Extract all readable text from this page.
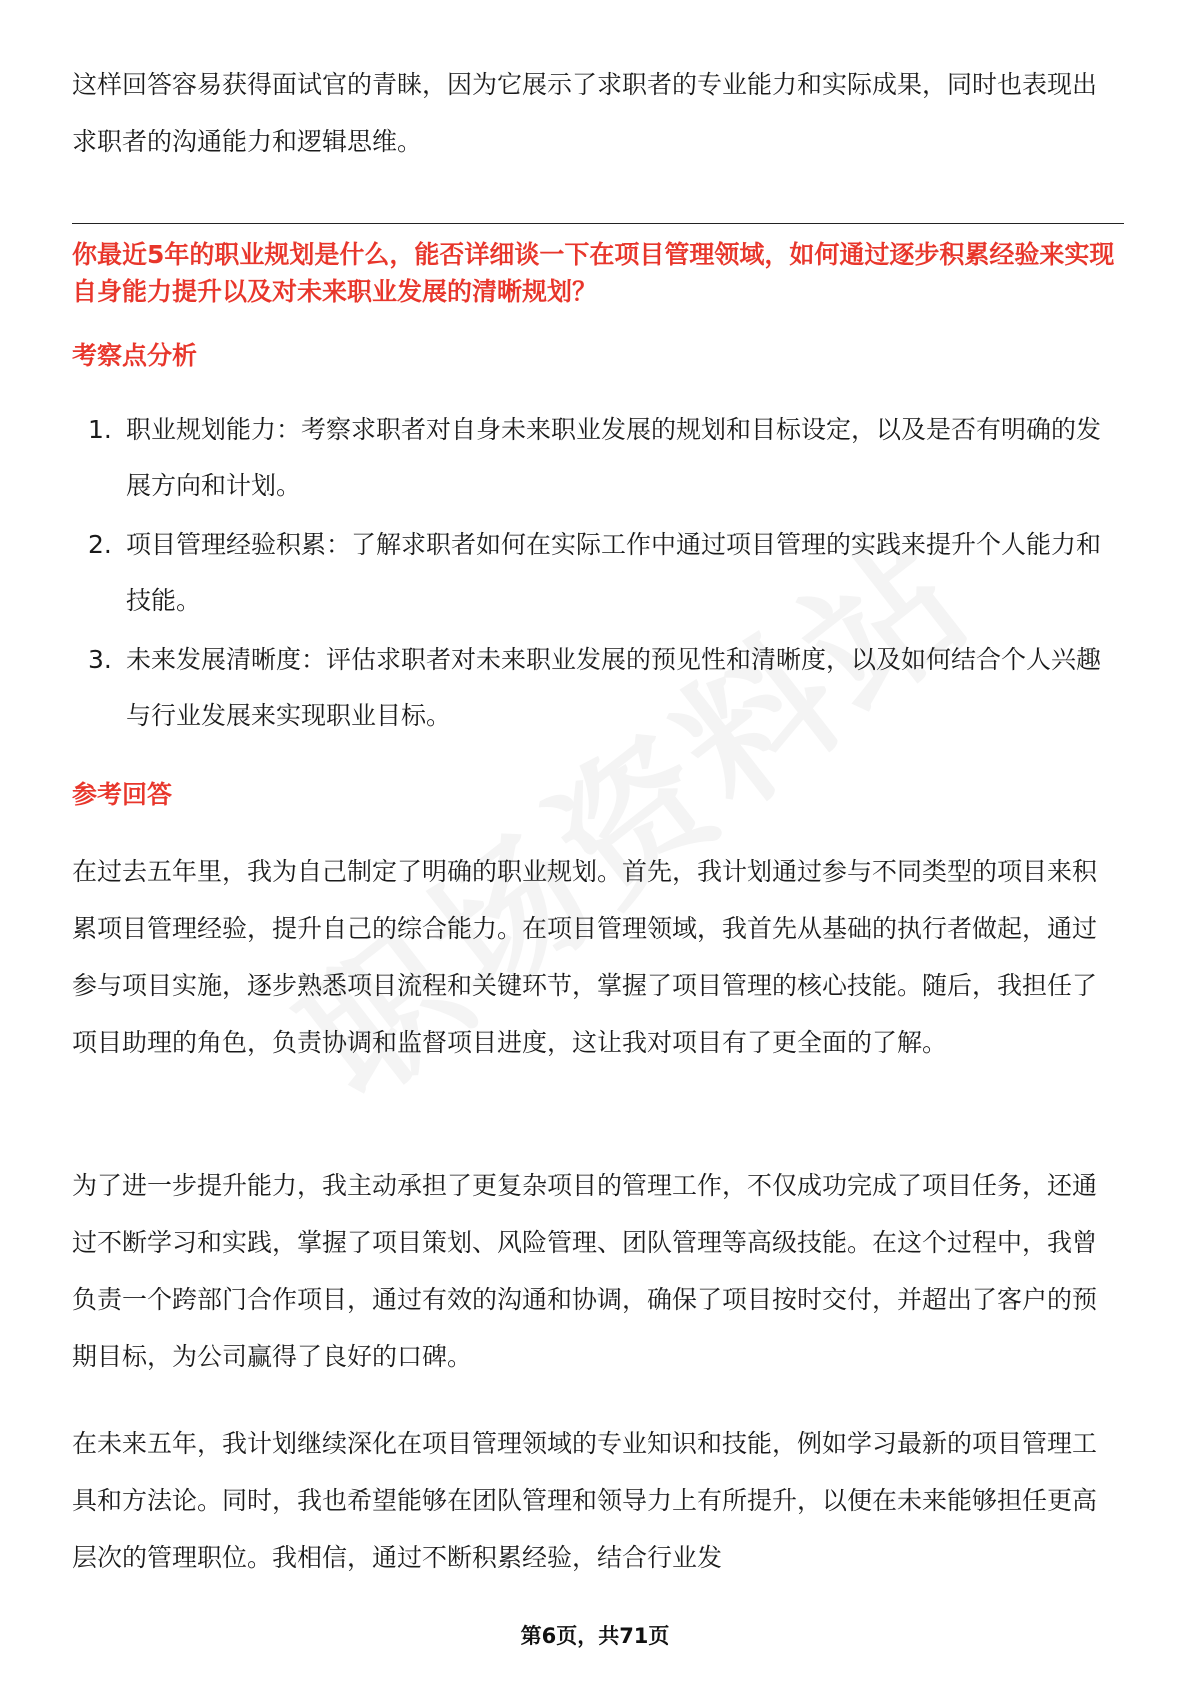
这样回答容易获得面试官的青睐，因为它展示了求职者的专业能力和实际成果，同时也表现出求职者的沟通能力和逻辑思维。

你最近5年的职业规划是什么，能否详细谈一下在项目管理领域，如何通过逐步积累经验来实现自身能力提升以及对未来职业发展的清晰规划？

考察点分析
1. 职业规划能力：考察求职者对自身未来职业发展的规划和目标设定，以及是否有明确的发展方向和计划。
2. 项目管理经验积累：了解求职者如何在实际工作中通过项目管理的实践来提升个人能力和技能。
3. 未来发展清晰度：评估求职者对未来职业发展的预见性和清晰度，以及如何结合个人兴趣与行业发展来实现职业目标。
参考回答

在过去五年里，我为自己制定了明确的职业规划。首先，我计划通过参与不同类型的项目来积累项目管理经验，提升自己的综合能力。在项目管理领域，我首先从基础的执行者做起，通过参与项目实施，逐步熟悉项目流程和关键环节，掌握了项目管理的核心技能。随后，我担任了项目助理的角色，负责协调和监督项目进度，这让我对项目有了更全面的了解。

为了进一步提升能力，我主动承担了更复杂项目的管理工作，不仅成功完成了项目任务，还通过不断学习和实践，掌握了项目策划、风险管理、团队管理等高级技能。在这个过程中，我曾负责一个跨部门合作项目，通过有效的沟通和协调，确保了项目按时交付，并超出了客户的预期目标，为公司赢得了良好的口碑。

在未来五年，我计划继续深化在项目管理领域的专业知识和技能，例如学习最新的项目管理工具和方法论。同时，我也希望能够在团队管理和领导力上有所提升，以便在未来能够担任更高层次的管理职位。我相信，通过不断积累经验，结合行业发

第6页，共71页
